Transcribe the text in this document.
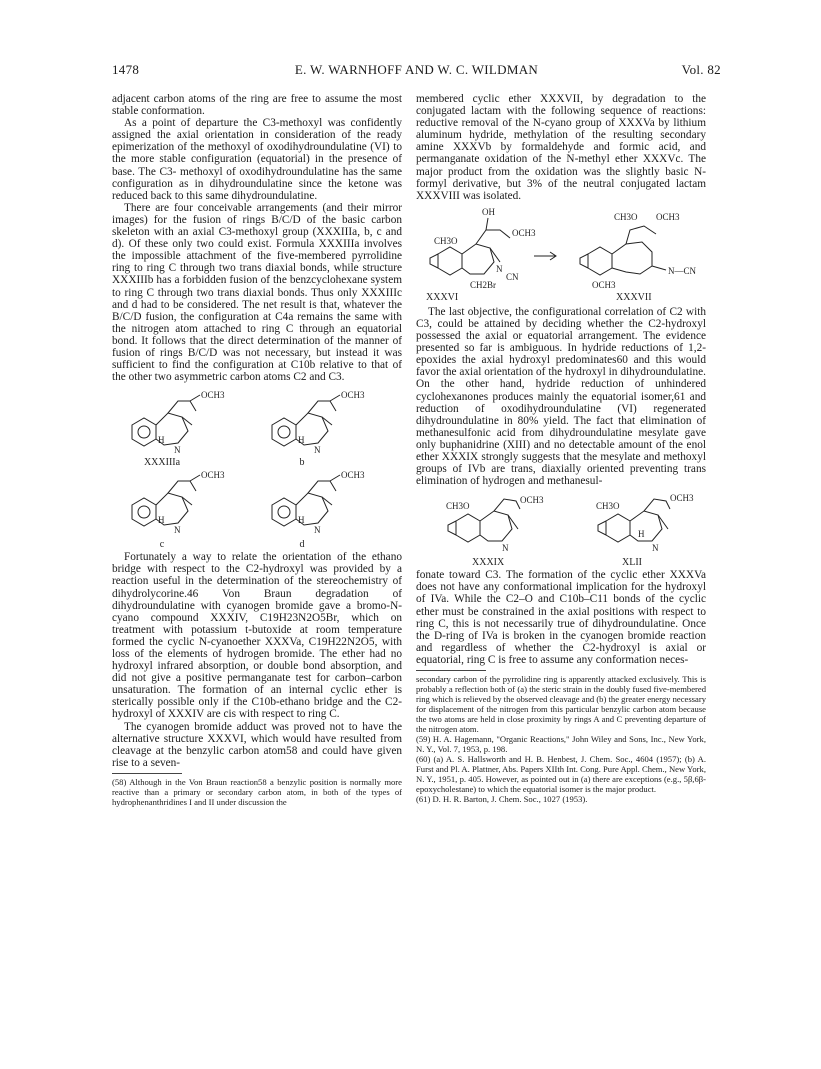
1478	E. W. WARNHOFF AND W. C. WILDMAN	Vol. 82

adjacent carbon atoms of the ring are free to assume the most stable conformation.

As a point of departure the C3-methoxyl was confidently assigned the axial orientation in consideration of the ready epimerization of the methoxyl of oxodihydroundulatine (VI) to the more stable configuration (equatorial) in the presence of base. The C3- methoxyl of oxodihydroundulatine has the same configuration as in dihydroundulatine since the ketone was reduced back to this same dihydroundulatine.

There are four conceivable arrangements (and their mirror images) for the fusion of rings B/C/D of the basic carbon skeleton with an axial C3-methoxyl group (XXXIIIa, b, c and d). Of these only two could exist. Formula XXXIIIa involves the impossible attachment of the five-membered pyrrolidine ring to ring C through two trans diaxial bonds, while structure XXXIIIb has a forbidden fusion of the benzcyclohexane system to ring C through two trans diaxial bonds. Thus only XXXIIIc and d had to be considered. The net result is that, whatever the B/C/D fusion, the configuration at C4a remains the same with the nitrogen atom attached to ring C through an equatorial bond. It follows that the direct determination of the manner of fusion of rings B/C/D was not necessary, but instead it was sufficient to find the configuration at C10b relative to that of the other two asymmetric carbon atoms C2 and C3.

OCH3	OCH3
OCH3	OCH3
N	N
N	N
H	H
H	H
XXXIIIa	b
c	d

Fortunately a way to relate the orientation of the ethano bridge with respect to the C2-hydroxyl was provided by a reaction useful in the determination of the stereochemistry of dihydrolycorine.46 Von Braun degradation of dihydroundulatine with cyanogen bromide gave a bromo-N-cyano compound XXXIV, C19H23N2O5Br, which on treatment with potassium t-butoxide at room temperature formed the cyclic N-cyanoether XXXVa, C19H22N2O5, with loss of the elements of hydrogen bromide. The ether had no hydroxyl infrared absorption, or double bond absorption, and did not give a positive permanganate test for carbon–carbon unsaturation. The formation of an internal cyclic ether is sterically possible only if the C10b-ethano bridge and the C2-hydroxyl of XXXIV are cis with respect to ring C.

The cyanogen bromide adduct was proved not to have the alternative structure XXXVI, which would have resulted from cleavage at the benzylic carbon atom58 and could have given rise to a seven-

(58) Although in the Von Braun reaction58 a benzylic position is normally more reactive than a primary or secondary carbon atom, in both of the types of hydrophenanthridines I and II under discussion the

membered cyclic ether XXXVII, by degradation to the conjugated lactam with the following sequence of reactions: reductive removal of the N-cyano group of XXXVa by lithium aluminum hydride, methylation of the resulting secondary amine XXXVb by formaldehyde and formic acid, and permanganate oxidation of the N-methyl ether XXXVc. The major product from the oxidation was the slightly basic N-formyl derivative, but 3% of the neutral conjugated lactam XXXVIII was isolated.

OH
OCH3
CH3O
N
CN
CH2Br
CH3O OCH3
N—CN
OCH3
XXXVI	XXXVII

The last objective, the configurational correlation of C2 with C3, could be attained by deciding whether the C2-hydroxyl possessed the axial or equatorial arrangement. The evidence presented so far is ambiguous. In hydride reductions of 1,2-epoxides the axial hydroxyl predominates60 and this would favor the axial orientation of the hydroxyl in dihydroundulatine. On the other hand, hydride reduction of unhindered cyclohexanones produces mainly the equatorial isomer,61 and reduction of oxodihydroundulatine (VI) regenerated dihydroundulatine in 80% yield. The fact that elimination of methanesulfonic acid from dihydroundulatine mesylate gave only buphanidrine (XIII) and no detectable amount of the enol ether XXXIX strongly suggests that the mesylate and methoxyl groups of IVb are trans, diaxially oriented preventing trans elimination of hydrogen and methanesul-

CH3O
OCH3
CH3O
OCH3
N	N
H
XXXIX	XLII

fonate toward C3. The formation of the cyclic ether XXXVa does not have any conformational implication for the hydroxyl of IVa. While the C2–O and C10b–C11 bonds of the cyclic ether must be constrained in the axial positions with respect to ring C, this is not necessarily true of dihydroundulatine. Once the D-ring of IVa is broken in the cyanogen bromide reaction and regardless of whether the C2-hydroxyl is axial or equatorial, ring C is free to assume any conformation neces-

secondary carbon of the pyrrolidine ring is apparently attacked exclusively. This is probably a reflection both of (a) the steric strain in the doubly fused five-membered ring which is relieved by the observed cleavage and (b) the greater energy necessary for displacement of the nitrogen from this particular benzylic carbon atom because the two atoms are held in close proximity by rings A and C preventing departure of the nitrogen atom.

(59) H. A. Hagemann, "Organic Reactions," John Wiley and Sons, Inc., New York, N. Y., Vol. 7, 1953, p. 198.

(60) (a) A. S. Hallsworth and H. B. Henbest, J. Chem. Soc., 4604 (1957); (b) A. Furst and Pl. A. Plattner, Abs. Papers XIIth Int. Cong. Pure Appl. Chem., New York, N. Y., 1951, p. 405. However, as pointed out in (a) there are exceptions (e.g., 5β,6β-epoxycholestane) to which the equatorial isomer is the major product.

(61) D. H. R. Barton, J. Chem. Soc., 1027 (1953).
